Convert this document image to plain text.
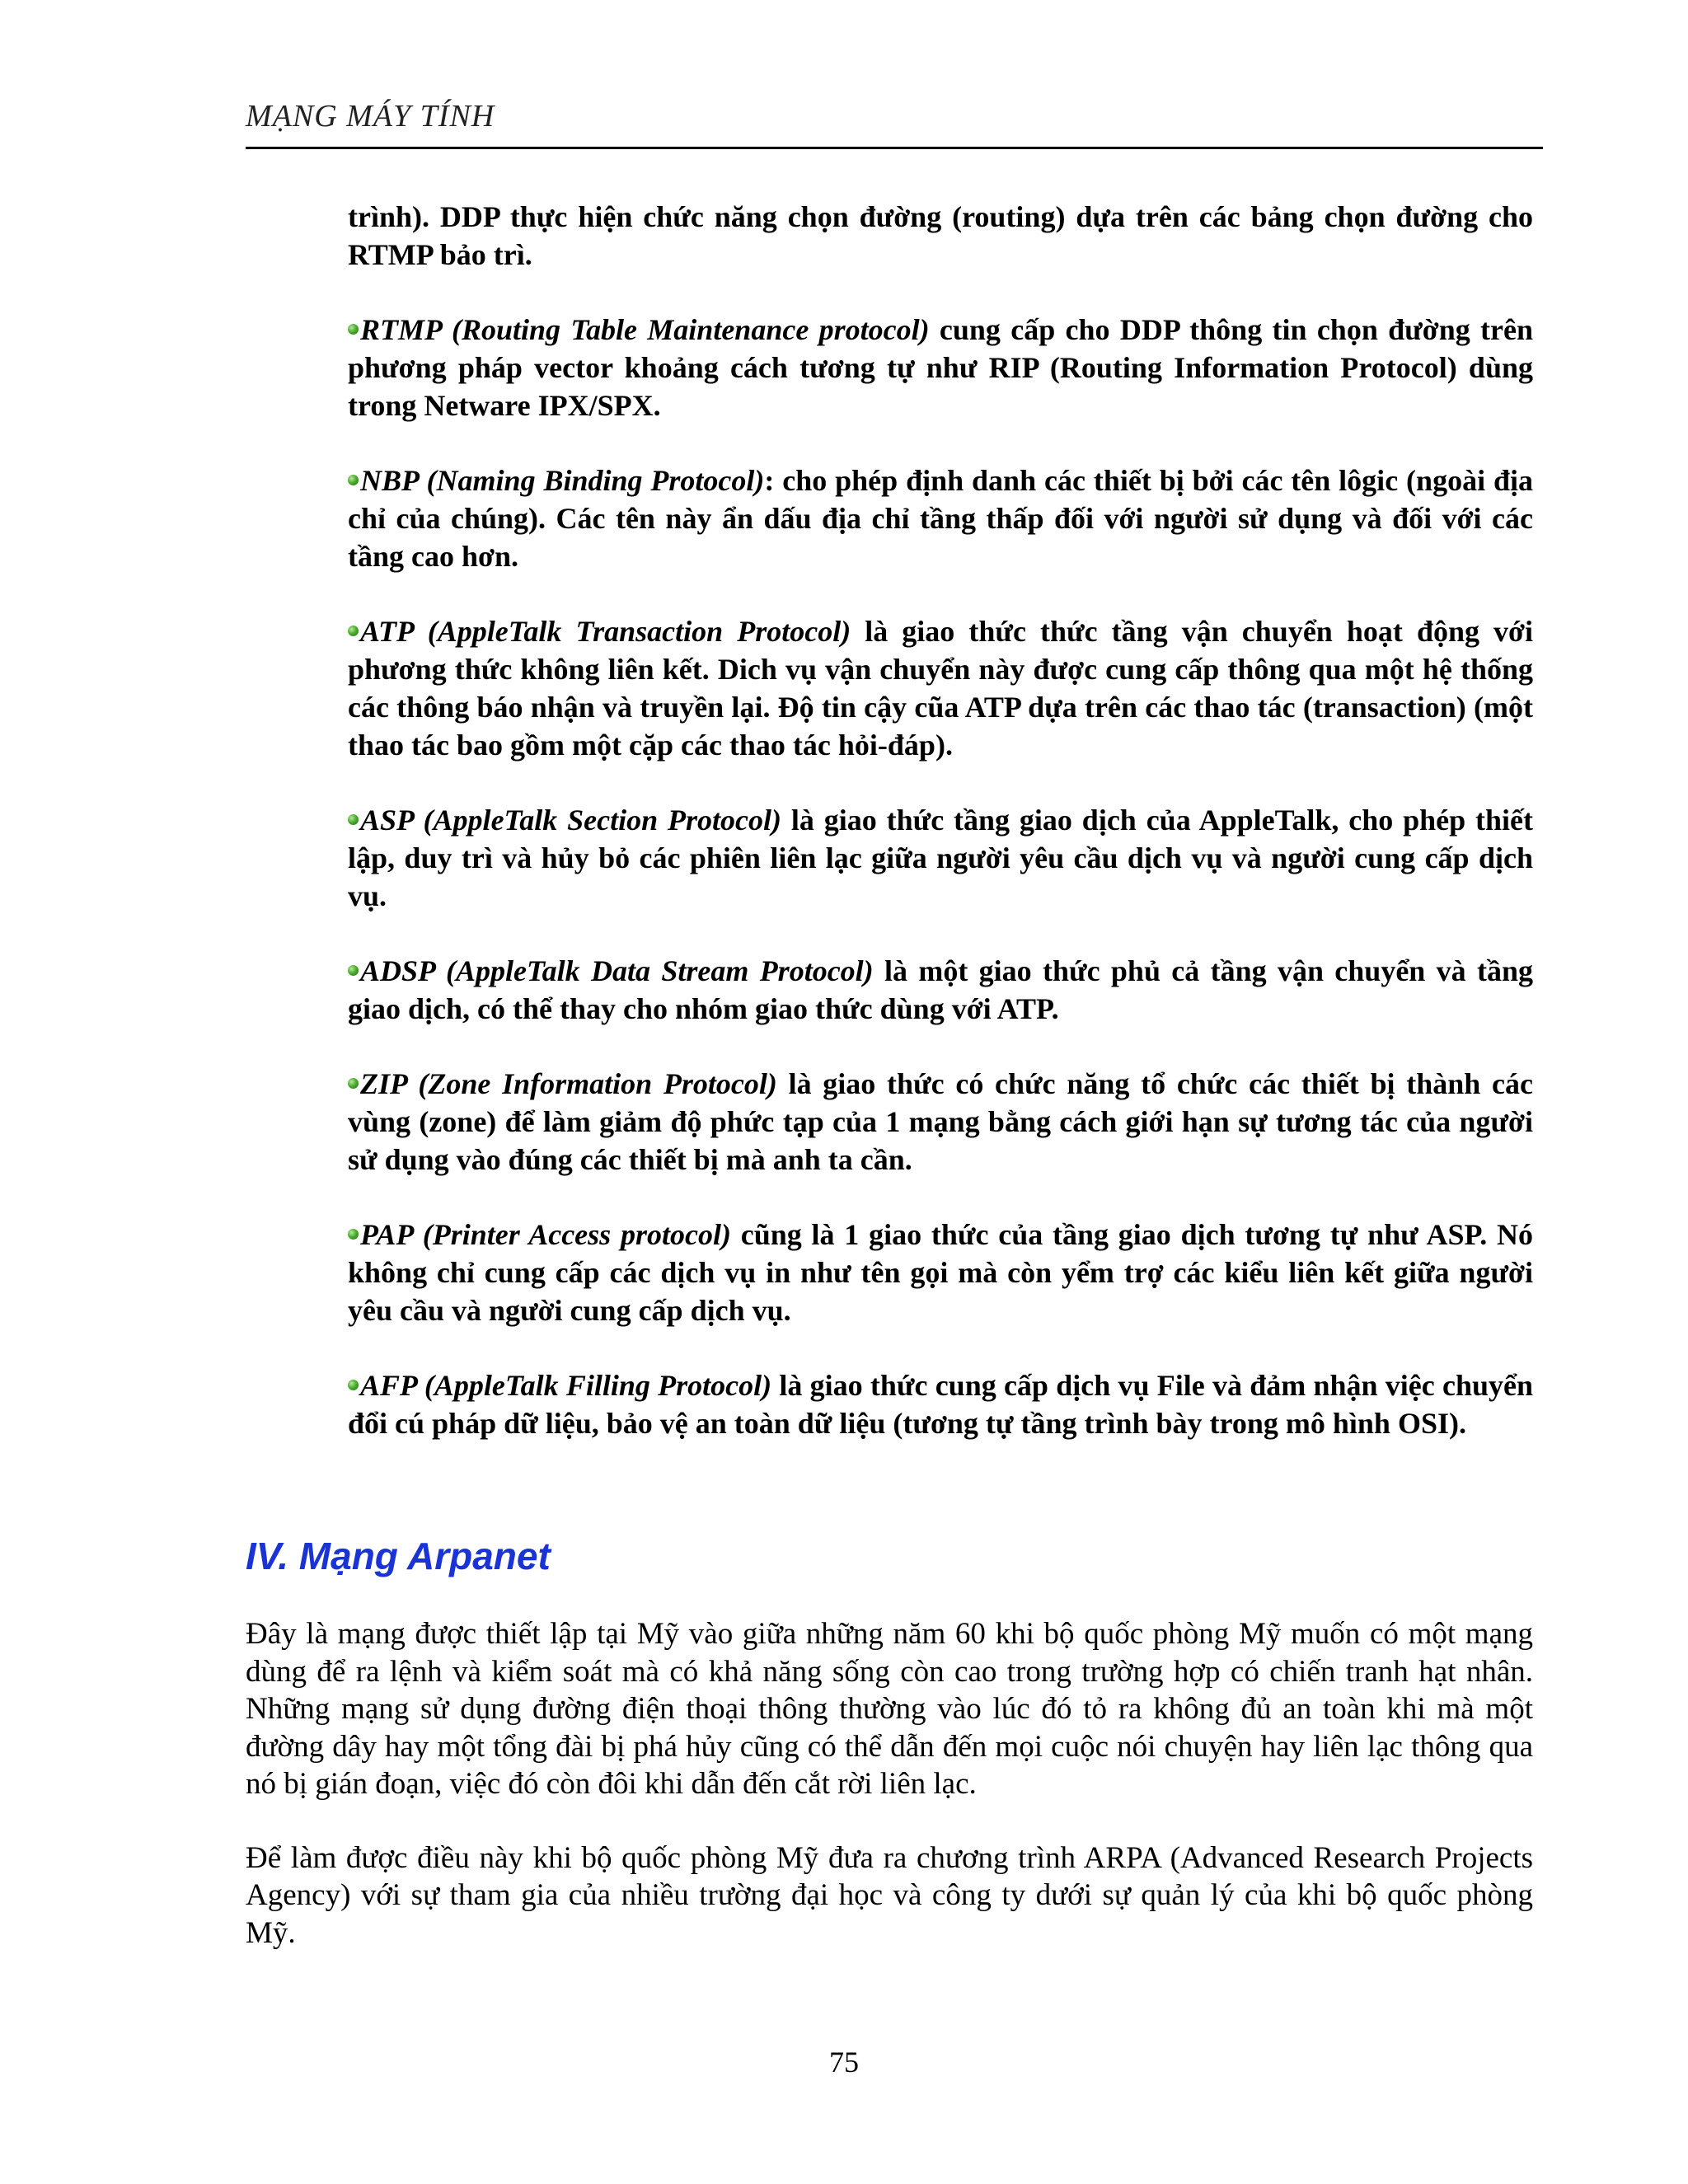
MẠNG MÁY TÍNH

trình). DDP thực hiện chức năng chọn đường (routing) dựa trên các bảng chọn đường cho RTMP bảo trì.

RTMP (Routing Table Maintenance protocol) cung cấp cho DDP thông tin chọn đường trên phương pháp vector khoảng cách tương tự như RIP (Routing Information Protocol) dùng trong Netware IPX/SPX.

NBP (Naming Binding Protocol): cho phép định danh các thiết bị bởi các tên lôgic (ngoài địa chỉ của chúng). Các tên này ẩn dấu địa chỉ tầng thấp đối với người sử dụng và đối với các tầng cao hơn.

ATP (AppleTalk Transaction Protocol) là giao thức thức tầng vận chuyển hoạt động với phương thức không liên kết. Dich vụ vận chuyển này được cung cấp thông qua một hệ thống các thông báo nhận và truyền lại. Độ tin cậy cũa ATP dựa trên các thao tác (transaction) (một thao tác bao gồm một cặp các thao tác hỏi-đáp).

ASP (AppleTalk Section Protocol) là giao thức tầng giao dịch của AppleTalk, cho phép thiết lập, duy trì và hủy bỏ các phiên liên lạc giữa người yêu cầu dịch vụ và người cung cấp dịch vụ.

ADSP (AppleTalk Data Stream Protocol) là một giao thức phủ cả tầng vận chuyển và tầng giao dịch, có thể thay cho nhóm giao thức dùng với ATP.

ZIP (Zone Information Protocol) là giao thức có chức năng tổ chức các thiết bị thành các vùng (zone) để làm giảm độ phức tạp của 1 mạng bằng cách giới hạn sự tương tác của người sử dụng vào đúng các thiết bị mà anh ta cần.

PAP (Printer Access protocol) cũng là 1 giao thức của tầng giao dịch tương tự như ASP. Nó không chỉ cung cấp các dịch vụ in như tên gọi mà còn yểm trợ các kiểu liên kết giữa người yêu cầu và người cung cấp dịch vụ.

AFP (AppleTalk Filling Protocol) là giao thức cung cấp dịch vụ File và đảm nhận việc chuyển đổi cú pháp dữ liệu, bảo vệ an toàn dữ liệu (tương tự tầng trình bày trong mô hình OSI).

IV. Mạng Arpanet

Đây là mạng được thiết lập tại Mỹ vào giữa những năm 60 khi bộ quốc phòng Mỹ muốn có một mạng dùng để ra lệnh và kiểm soát mà có khả năng sống còn cao trong trường hợp có chiến tranh hạt nhân. Những mạng sử dụng đường điện thoại thông thường vào lúc đó tỏ ra không đủ an toàn khi mà một đường dây hay một tổng đài bị phá hủy cũng có thể dẫn đến mọi cuộc nói chuyện hay liên lạc thông qua nó bị gián đoạn, việc đó còn đôi khi dẫn đến cắt rời liên lạc.

Để làm được điều này khi bộ quốc phòng Mỹ đưa ra chương trình ARPA (Advanced Research Projects Agency) với sự tham gia của nhiều trường đại học và công ty dưới sự quản lý của khi bộ quốc phòng Mỹ.

75
